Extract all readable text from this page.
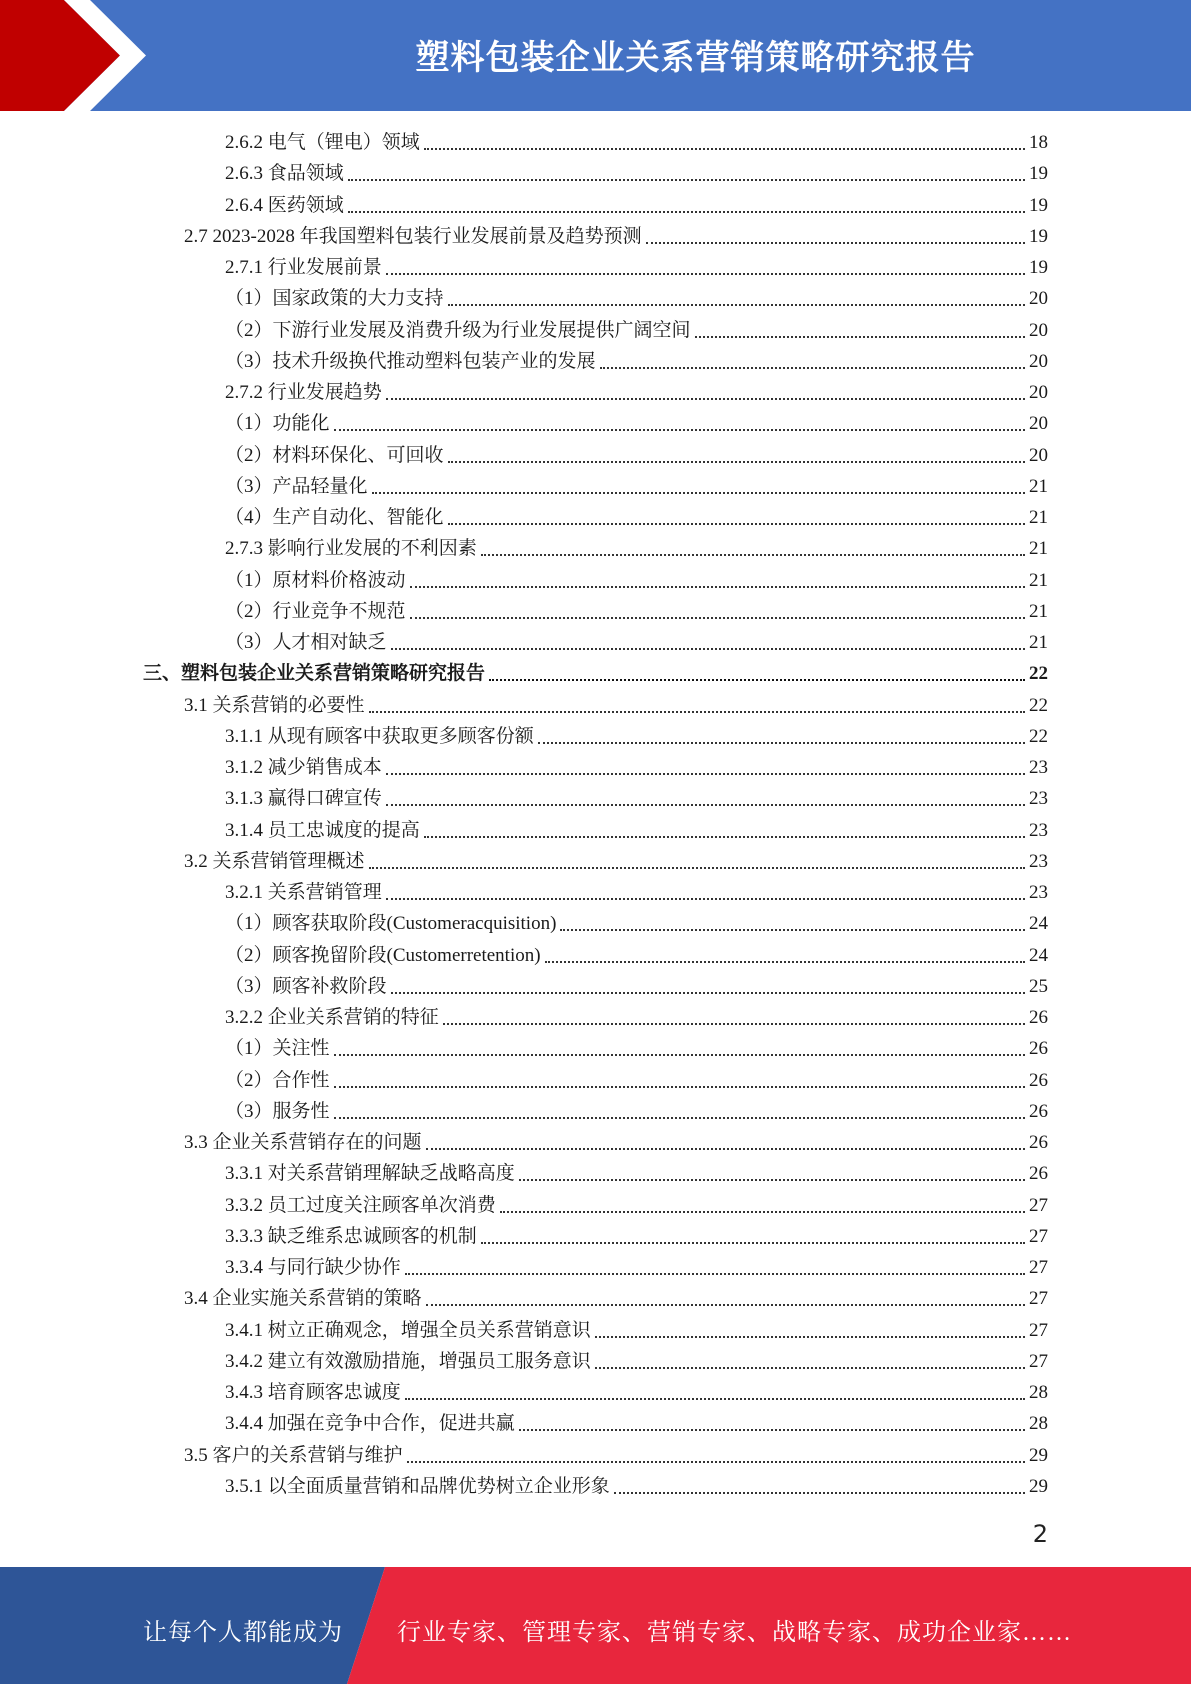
塑料包装企业关系营销策略研究报告
2.6.2 电气（锂电）领域	18
2.6.3 食品领域	19
2.6.4 医药领域	19
2.7 2023-2028 年我国塑料包装行业发展前景及趋势预测	19
2.7.1 行业发展前景	19
（1）国家政策的大力支持	20
（2）下游行业发展及消费升级为行业发展提供广阔空间	20
（3）技术升级换代推动塑料包装产业的发展	20
2.7.2 行业发展趋势	20
（1）功能化	20
（2）材料环保化、可回收	20
（3）产品轻量化	21
（4）生产自动化、智能化	21
2.7.3 影响行业发展的不利因素	21
（1）原材料价格波动	21
（2）行业竞争不规范	21
（3）人才相对缺乏	21
三、塑料包装企业关系营销策略研究报告	22
3.1 关系营销的必要性	22
3.1.1 从现有顾客中获取更多顾客份额	22
3.1.2 减少销售成本	23
3.1.3 赢得口碑宣传	23
3.1.4 员工忠诚度的提高	23
3.2 关系营销管理概述	23
3.2.1 关系营销管理	23
（1）顾客获取阶段(Customeracquisition)	24
（2）顾客挽留阶段(Customerretention)	24
（3）顾客补救阶段	25
3.2.2 企业关系营销的特征	26
（1）关注性	26
（2）合作性	26
（3）服务性	26
3.3 企业关系营销存在的问题	26
3.3.1 对关系营销理解缺乏战略高度	26
3.3.2 员工过度关注顾客单次消费	27
3.3.3 缺乏维系忠诚顾客的机制	27
3.3.4 与同行缺少协作	27
3.4 企业实施关系营销的策略	27
3.4.1 树立正确观念，增强全员关系营销意识	27
3.4.2 建立有效激励措施，增强员工服务意识	27
3.4.3 培育顾客忠诚度	28
3.4.4 加强在竞争中合作，促进共赢	28
3.5 客户的关系营销与维护	29
3.5.1 以全面质量营销和品牌优势树立企业形象	29
2
让每个人都能成为 行业专家、管理专家、营销专家、战略专家、成功企业家……
